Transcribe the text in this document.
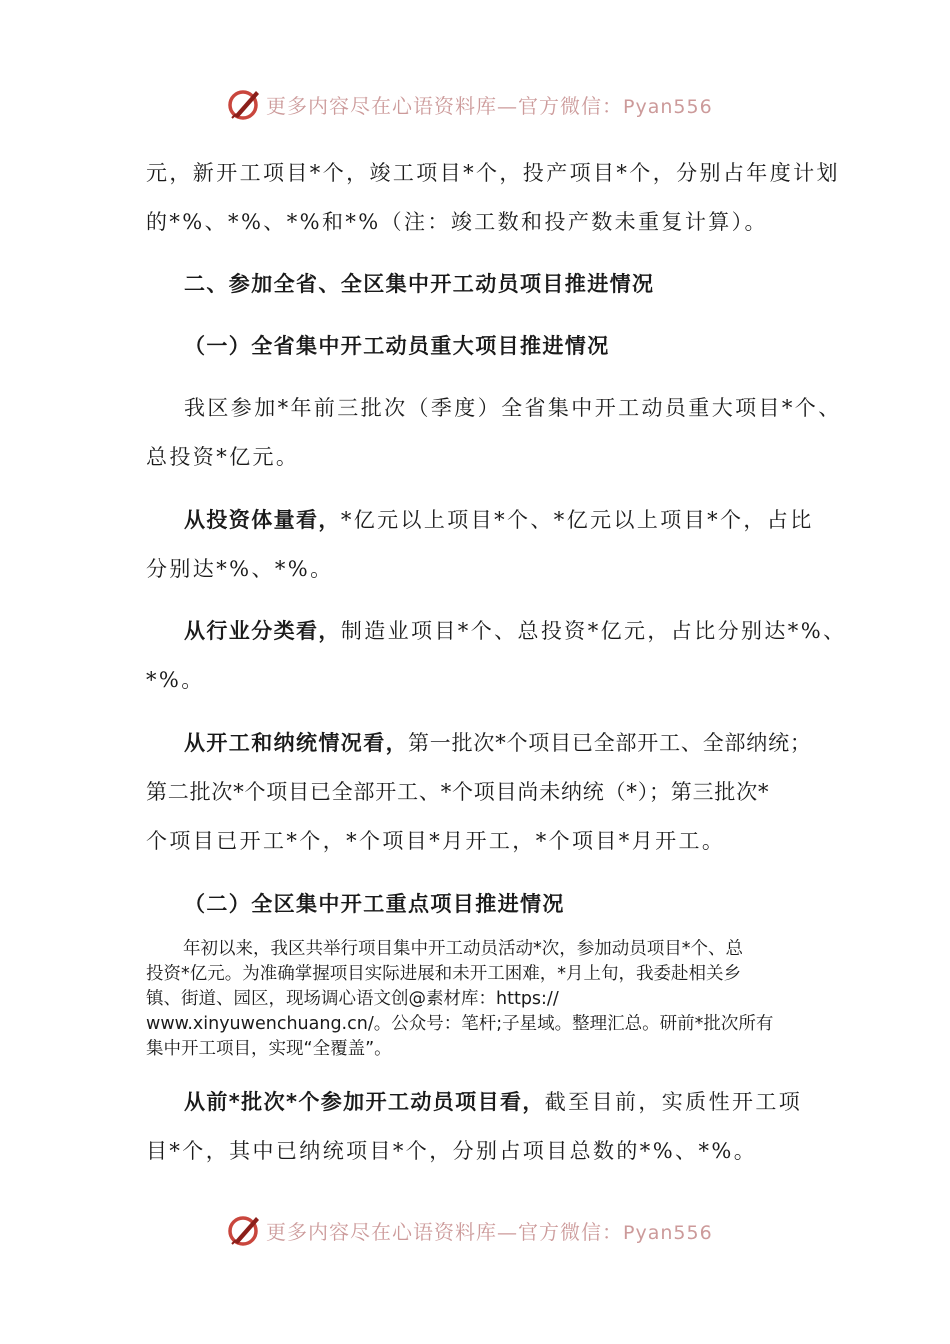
更多内容尽在心语资料库—官方微信：Pyan556
元，新开工项目*个，竣工项目*个，投产项目*个，分别占年度计划
的*%、*%、*%和*%（注：竣工数和投产数未重复计算）。
二、参加全省、全区集中开工动员项目推进情况
（一）全省集中开工动员重大项目推进情况
我区参加*年前三批次（季度）全省集中开工动员重大项目*个、
总投资*亿元。
从投资体量看，*亿元以上项目*个、*亿元以上项目*个，占比
分别达*%、*%。
从行业分类看，制造业项目*个、总投资*亿元，占比分别达*%、
*%。
从开工和纳统情况看，第一批次*个项目已全部开工、全部纳统；
第二批次*个项目已全部开工、*个项目尚未纳统（*）；第三批次*
个项目已开工*个，*个项目*月开工，*个项目*月开工。
（二）全区集中开工重点项目推进情况
年初以来，我区共举行项目集中开工动员活动*次，参加动员项目*个、总
投资*亿元。为准确掌握项目实际进展和未开工困难，*月上旬，我委赴相关乡
镇、街道、园区，现场调心语文创@素材库：https://
www.xinyuwenchuang.cn/。公众号：笔杆;子星域。整理汇总。研前*批次所有
集中开工项目，实现“全覆盖”。
从前*批次*个参加开工动员项目看，截至目前，实质性开工项
目*个，其中已纳统项目*个，分别占项目总数的*%、*%。
更多内容尽在心语资料库—官方微信：Pyan556
